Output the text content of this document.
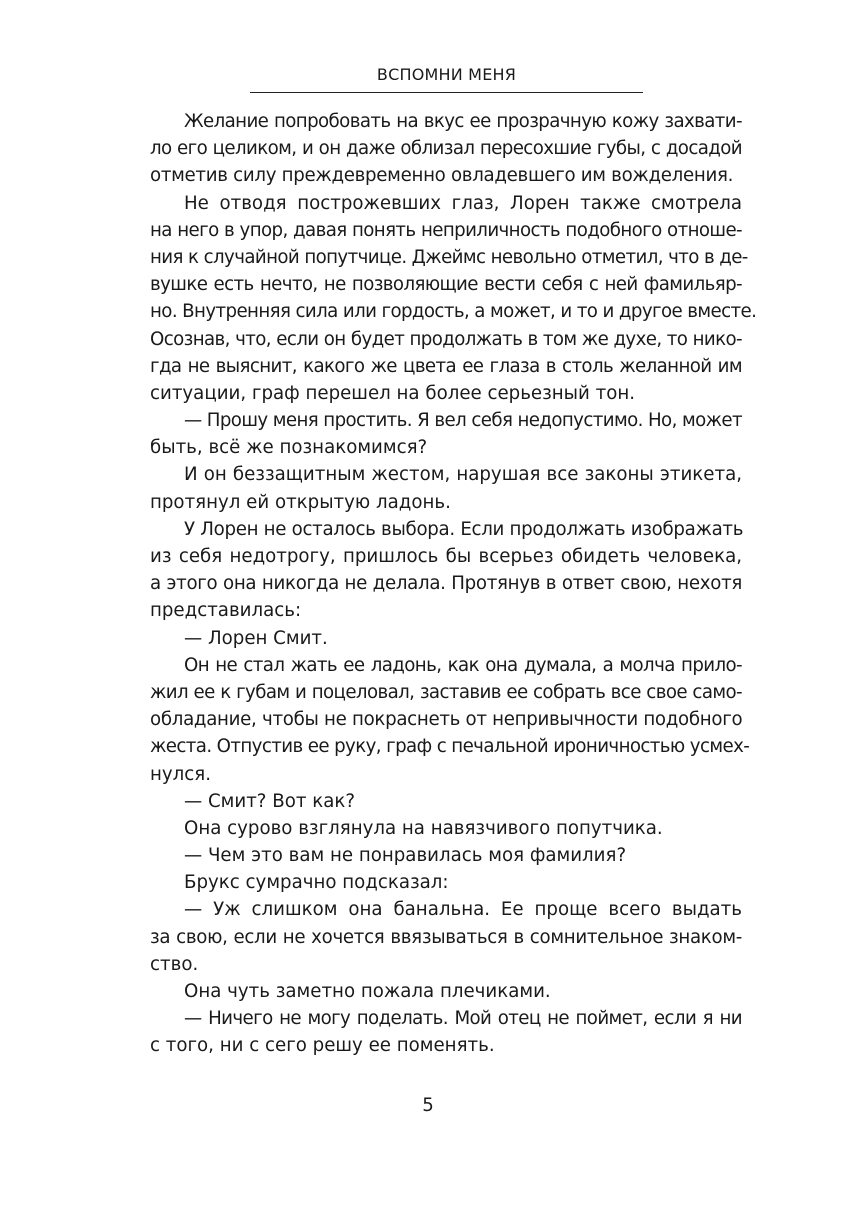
ВСПОМНИ МЕНЯ
Желание попробовать на вкус ее прозрачную кожу захвати-
ло его целиком, и он даже облизал пересохшие губы, с досадой
отметив силу преждевременно овладевшего им вожделения.
Не отводя построжевших глаз, Лорен также смотрела
на него в упор, давая понять неприличность подобного отноше-
ния к случайной попутчице. Джеймс невольно отметил, что в де-
вушке есть нечто, не позволяющие вести себя с ней фамильяр-
но. Внутренняя сила или гордость, а может, и то и другое вместе.
Осознав, что, если он будет продолжать в том же духе, то нико-
гда не выяснит, какого же цвета ее глаза в столь желанной им
ситуации, граф перешел на более серьезный тон.
— Прошу меня простить. Я вел себя недопустимо. Но, может
быть, всё же познакомимся?
И он беззащитным жестом, нарушая все законы этикета,
протянул ей открытую ладонь.
У Лорен не осталось выбора. Если продолжать изображать
из себя недотрогу, пришлось бы всерьез обидеть человека,
а этого она никогда не делала. Протянув в ответ свою, нехотя
представилась:
— Лорен Смит.
Он не стал жать ее ладонь, как она думала, а молча прило-
жил ее к губам и поцеловал, заставив ее собрать все свое само-
обладание, чтобы не покраснеть от непривычности подобного
жеста. Отпустив ее руку, граф с печальной ироничностью усмех-
нулся.
— Смит? Вот как?
Она сурово взглянула на навязчивого попутчика.
— Чем это вам не понравилась моя фамилия?
Брукс сумрачно подсказал:
— Уж слишком она банальна. Ее проще всего выдать
за свою, если не хочется ввязываться в сомнительное знаком-
ство.
Она чуть заметно пожала плечиками.
— Ничего не могу поделать. Мой отец не поймет, если я ни
с того, ни с сего решу ее поменять.
5
